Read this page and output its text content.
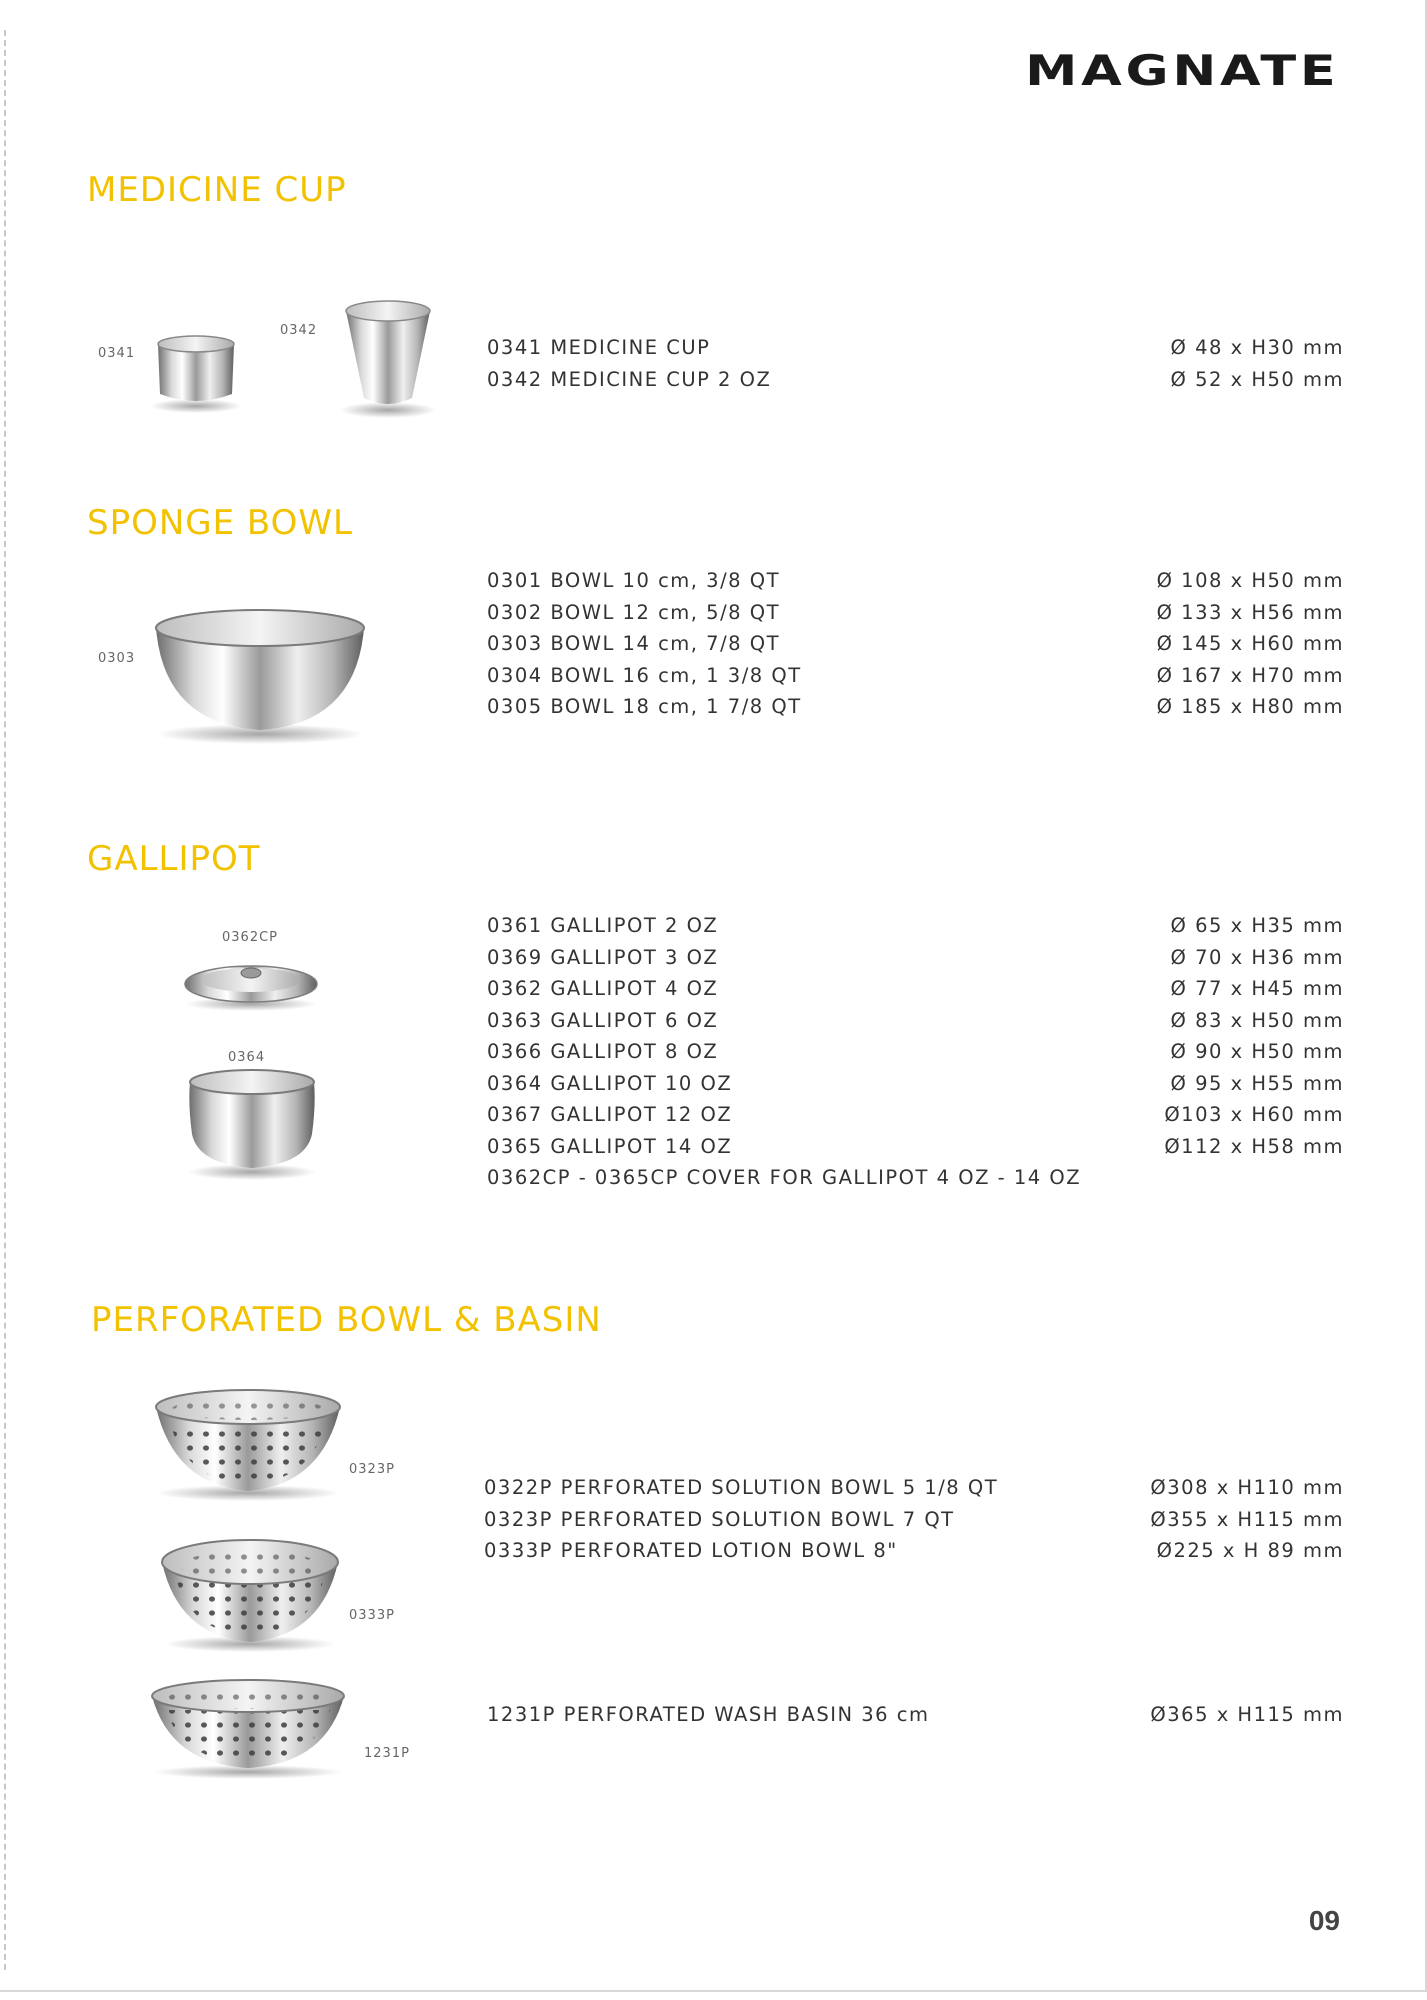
MAGNATE
MEDICINE CUP
0341
0342
0341 MEDICINE CUP	Ø 48 x H30 mm
0342 MEDICINE CUP 2 OZ	Ø 52 x H50 mm
SPONGE BOWL
0303
0301 BOWL 10 cm, 3/8 QT	Ø 108 x H50 mm
0302 BOWL 12 cm, 5/8 QT	Ø 133 x H56 mm
0303 BOWL 14 cm, 7/8 QT	Ø 145 x H60 mm
0304 BOWL 16 cm, 1 3/8 QT	Ø 167 x H70 mm
0305 BOWL 18 cm, 1 7/8 QT	Ø 185 x H80 mm
GALLIPOT
0362CP
0364
0361 GALLIPOT 2 OZ	Ø 65 x H35 mm
0369 GALLIPOT 3 OZ	Ø 70 x H36 mm
0362 GALLIPOT 4 OZ	Ø 77 x H45 mm
0363 GALLIPOT 6 OZ	Ø 83 x H50 mm
0366 GALLIPOT 8 OZ	Ø 90 x H50 mm
0364 GALLIPOT 10 OZ	Ø 95 x H55 mm
0367 GALLIPOT 12 OZ	Ø103 x H60 mm
0365 GALLIPOT 14 OZ	Ø112 x H58 mm
0362CP - 0365CP COVER FOR GALLIPOT 4 OZ - 14 OZ
PERFORATED BOWL & BASIN
0323P
0333P
1231P
0322P PERFORATED SOLUTION BOWL 5 1/8 QT	Ø308 x H110 mm
0323P PERFORATED SOLUTION BOWL 7 QT	Ø355 x H115 mm
0333P PERFORATED LOTION BOWL 8"	Ø225 x H 89 mm
1231P PERFORATED WASH BASIN 36 cm	Ø365 x H115 mm
09
